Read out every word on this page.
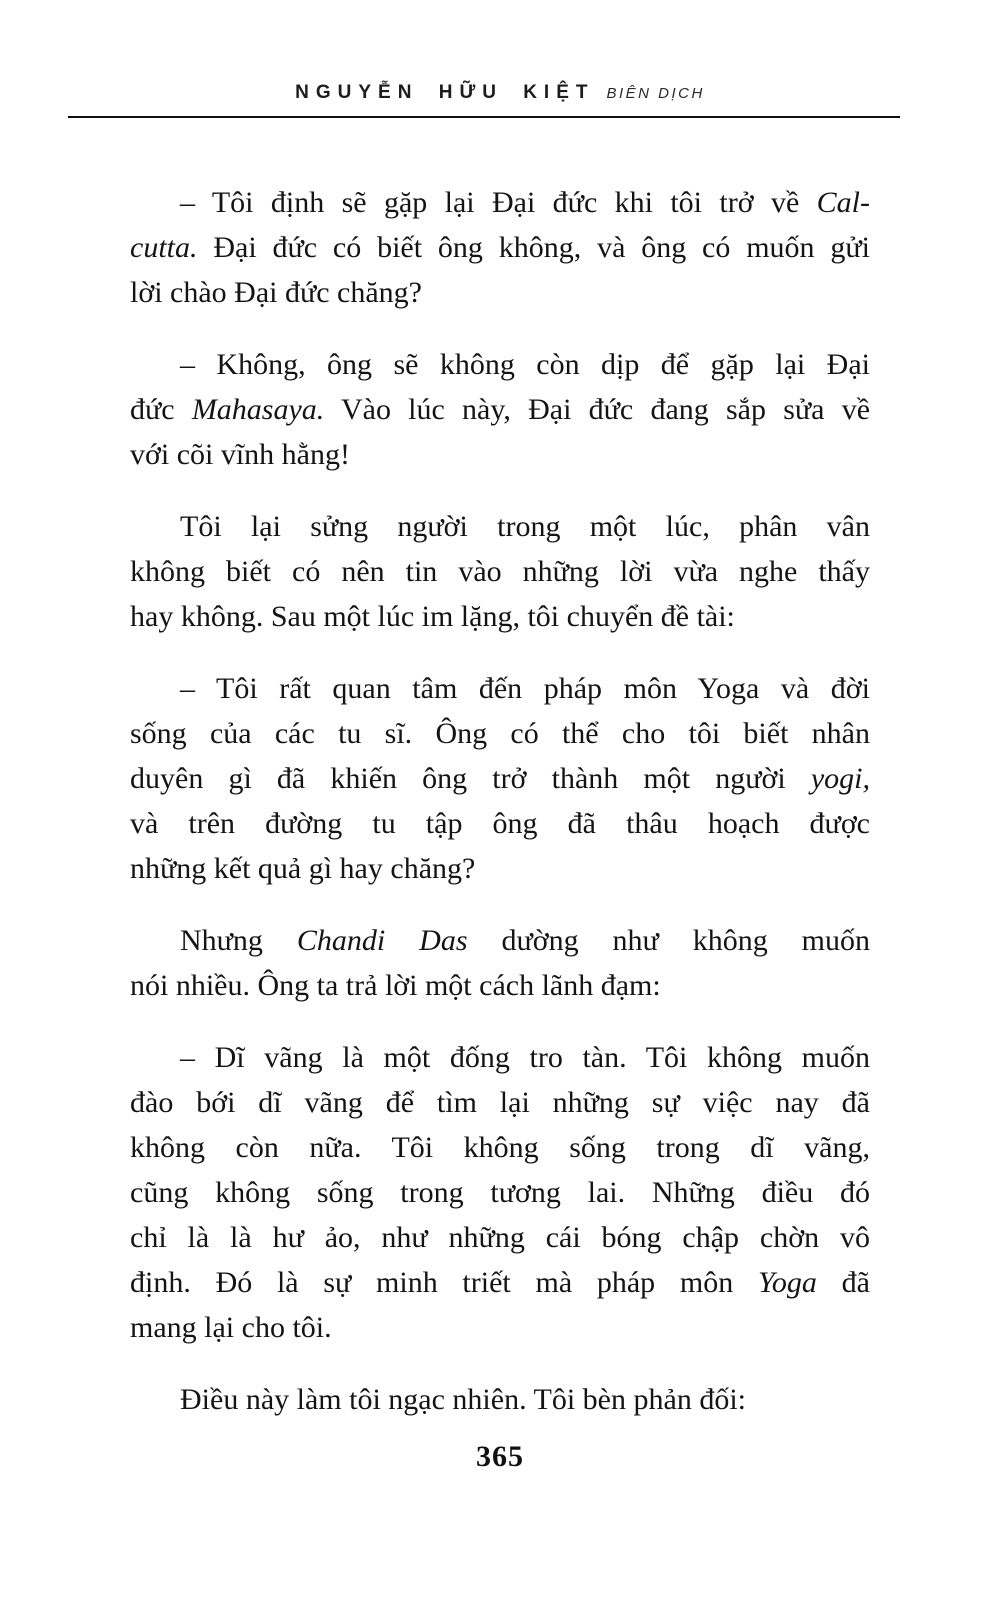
NGUYỄN HỮU KIỆT BIÊN DỊCH
– Tôi định sẽ gặp lại Đại đức khi tôi trở về Cal-
cutta. Đại đức có biết ông không, và ông có muốn gửi
lời chào Đại đức chăng?
– Không, ông sẽ không còn dịp để gặp lại Đại
đức Mahasaya. Vào lúc này, Đại đức đang sắp sửa về
với cõi vĩnh hằng!
Tôi lại sửng người trong một lúc, phân vân
không biết có nên tin vào những lời vừa nghe thấy
hay không. Sau một lúc im lặng, tôi chuyển đề tài:
– Tôi rất quan tâm đến pháp môn Yoga và đời
sống của các tu sĩ. Ông có thể cho tôi biết nhân
duyên gì đã khiến ông trở thành một người yogi,
và trên đường tu tập ông đã thâu hoạch được
những kết quả gì hay chăng?
Nhưng Chandi Das dường như không muốn
nói nhiều. Ông ta trả lời một cách lãnh đạm:
– Dĩ vãng là một đống tro tàn. Tôi không muốn
đào bới dĩ vãng để tìm lại những sự việc nay đã
không còn nữa. Tôi không sống trong dĩ vãng,
cũng không sống trong tương lai. Những điều đó
chỉ là là hư ảo, như những cái bóng chập chờn vô
định. Đó là sự minh triết mà pháp môn Yoga đã
mang lại cho tôi.
Điều này làm tôi ngạc nhiên. Tôi bèn phản đối:
365
